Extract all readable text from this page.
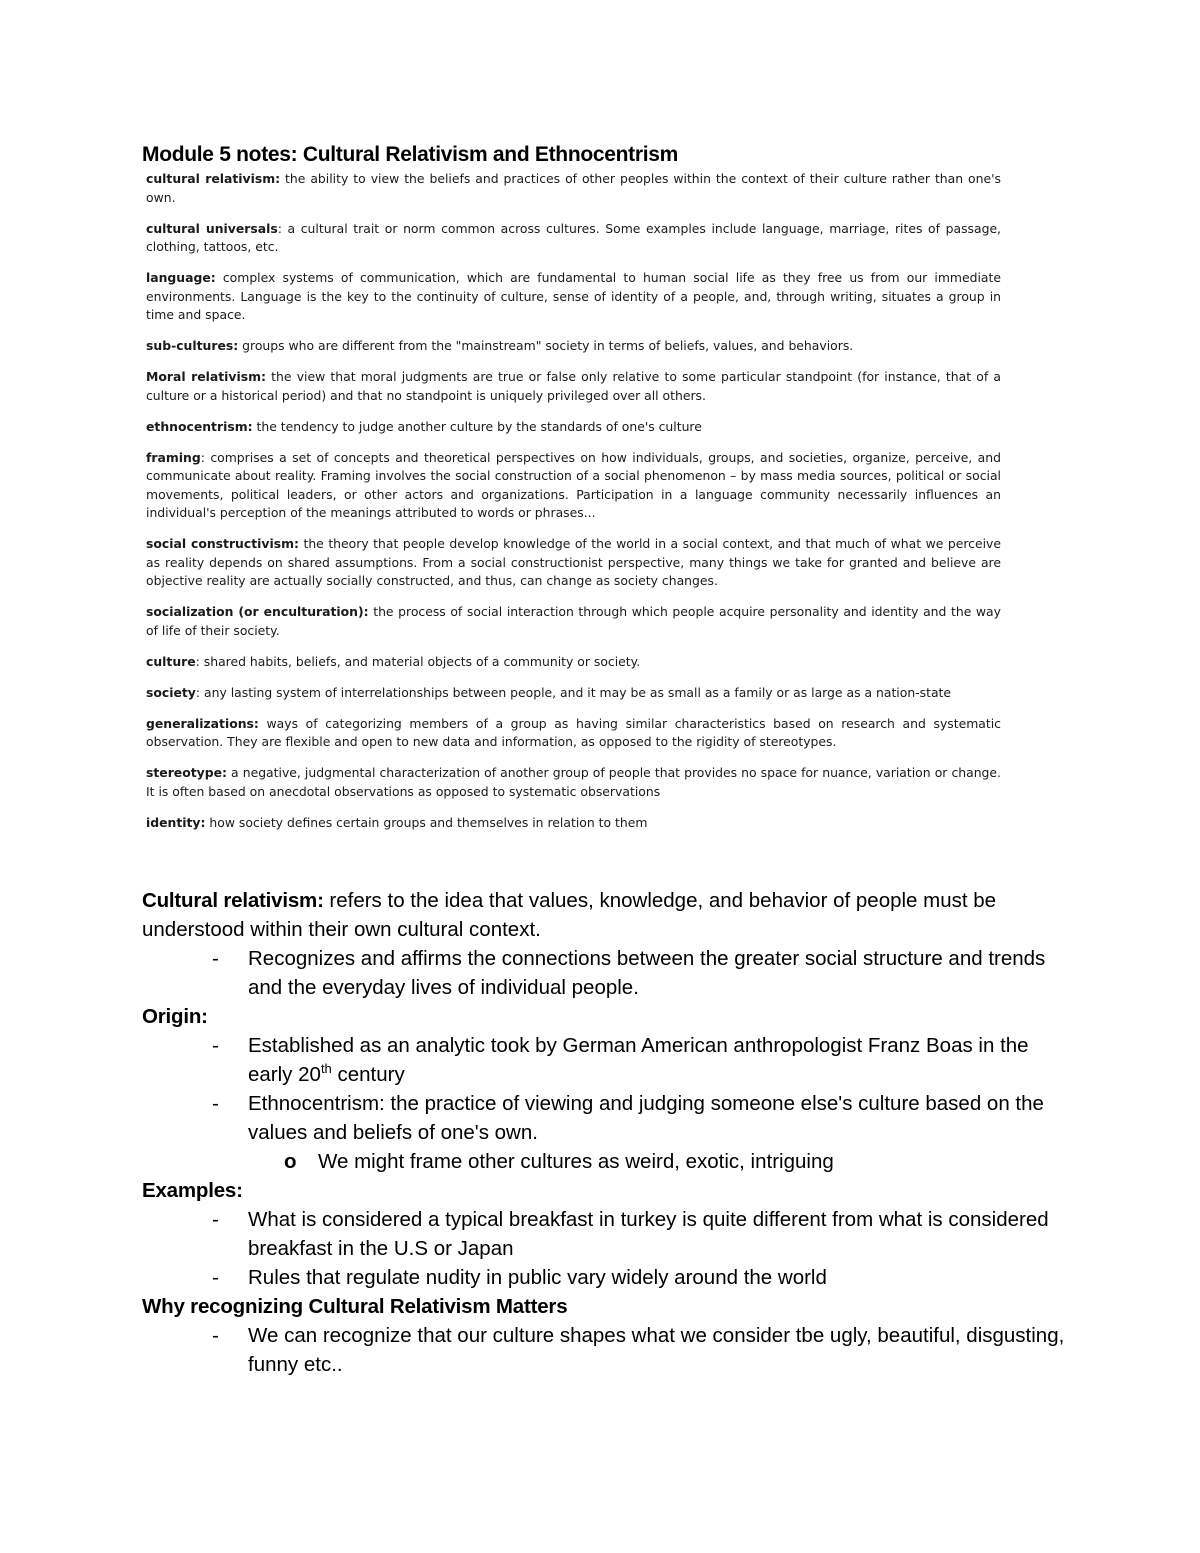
Module 5 notes: Cultural Relativism and Ethnocentrism

cultural relativism: the ability to view the beliefs and practices of other peoples within the context of their culture rather than one's own.

cultural universals: a cultural trait or norm common across cultures. Some examples include language, marriage, rites of passage, clothing, tattoos, etc.

language: complex systems of communication, which are fundamental to human social life as they free us from our immediate environments. Language is the key to the continuity of culture, sense of identity of a people, and, through writing, situates a group in time and space.

sub-cultures: groups who are different from the "mainstream" society in terms of beliefs, values, and behaviors.

Moral relativism: the view that moral judgments are true or false only relative to some particular standpoint (for instance, that of a culture or a historical period) and that no standpoint is uniquely privileged over all others.

ethnocentrism: the tendency to judge another culture by the standards of one's culture

framing: comprises a set of concepts and theoretical perspectives on how individuals, groups, and societies, organize, perceive, and communicate about reality. Framing involves the social construction of a social phenomenon – by mass media sources, political or social movements, political leaders, or other actors and organizations. Participation in a language community necessarily influences an individual's perception of the meanings attributed to words or phrases...

social constructivism: the theory that people develop knowledge of the world in a social context, and that much of what we perceive as reality depends on shared assumptions. From a social constructionist perspective, many things we take for granted and believe are objective reality are actually socially constructed, and thus, can change as society changes.

socialization (or enculturation): the process of social interaction through which people acquire personality and identity and the way of life of their society.

culture: shared habits, beliefs, and material objects of a community or society.

society: any lasting system of interrelationships between people, and it may be as small as a family or as large as a nation-state

generalizations: ways of categorizing members of a group as having similar characteristics based on research and systematic observation. They are flexible and open to new data and information, as opposed to the rigidity of stereotypes.

stereotype: a negative, judgmental characterization of another group of people that provides no space for nuance, variation or change. It is often based on anecdotal observations as opposed to systematic observations

identity: how society defines certain groups and themselves in relation to them

Cultural relativism: refers to the idea that values, knowledge, and behavior of people must be understood within their own cultural context.

- Recognizes and affirms the connections between the greater social structure and trends and the everyday lives of individual people.

Origin:

- Established as an analytic took by German American anthropologist Franz Boas in the early 20th century

- Ethnocentrism: the practice of viewing and judging someone else's culture based on the values and beliefs of one's own.

o We might frame other cultures as weird, exotic, intriguing

Examples:

- What is considered a typical breakfast in turkey is quite different from what is considered breakfast in the U.S or Japan

- Rules that regulate nudity in public vary widely around the world

Why recognizing Cultural Relativism Matters

- We can recognize that our culture shapes what we consider tbe ugly, beautiful, disgusting, funny etc..
